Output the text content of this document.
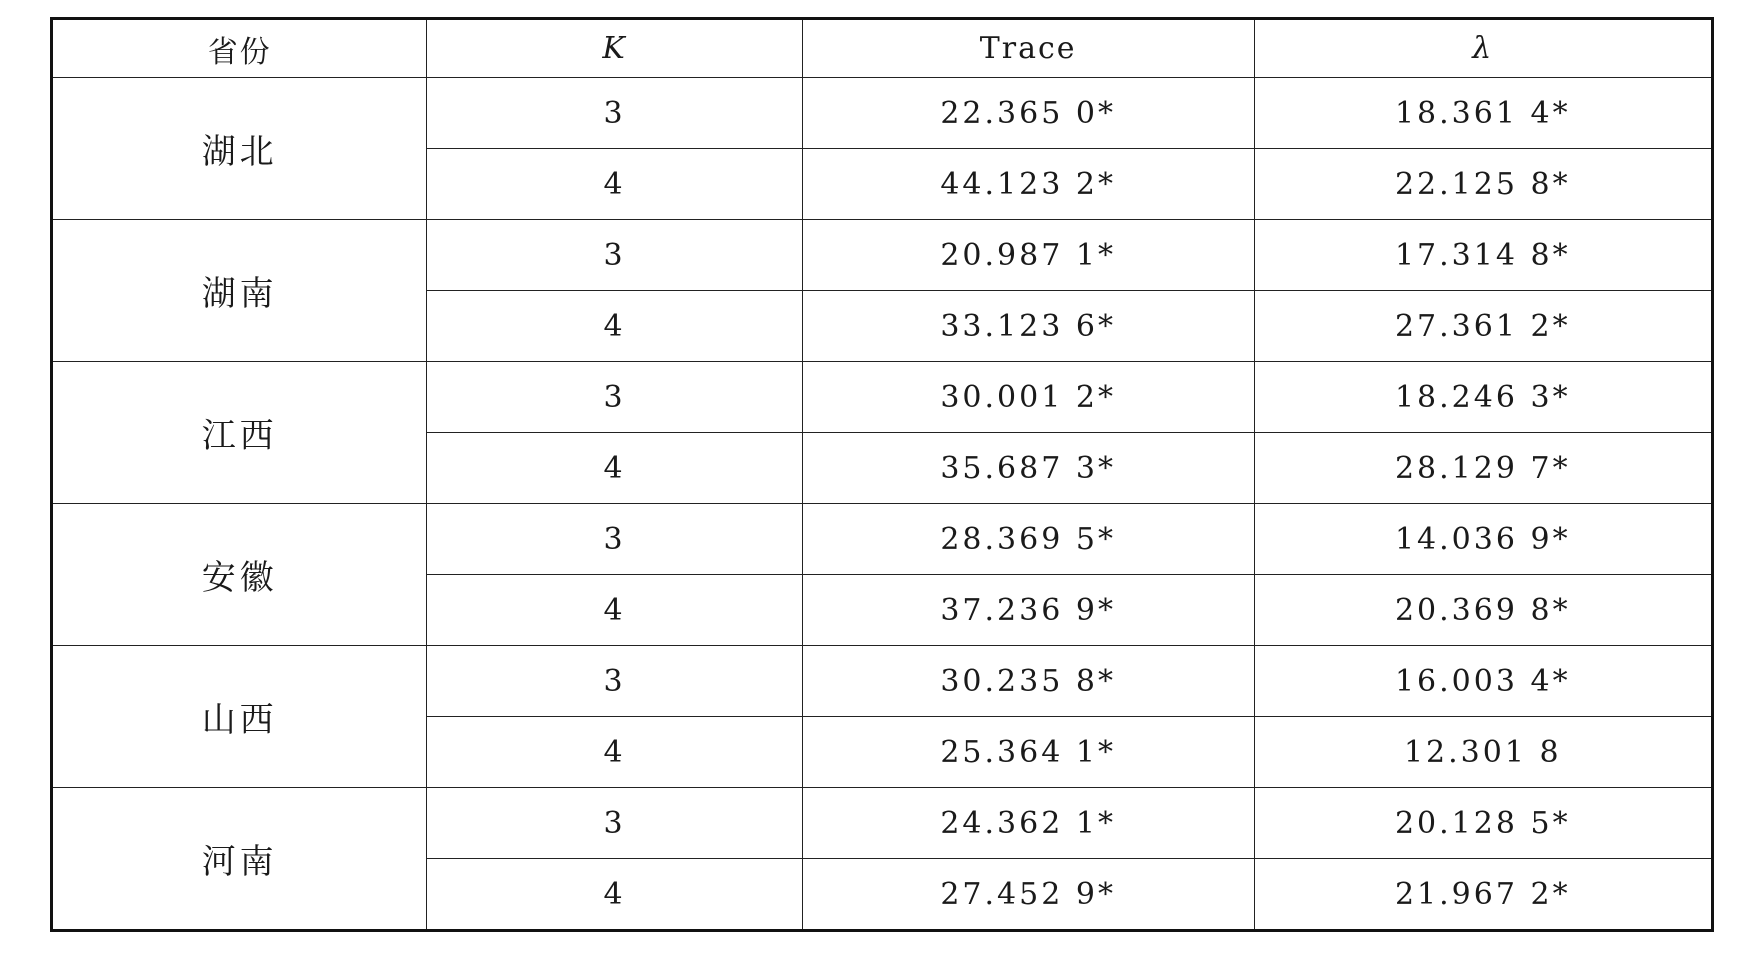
省份	K	Trace	λ
湖北	3	22.365 0*	18.361 4*
	4	44.123 2*	22.125 8*
湖南	3	20.987 1*	17.314 8*
	4	33.123 6*	27.361 2*
江西	3	30.001 2*	18.246 3*
	4	35.687 3*	28.129 7*
安徽	3	28.369 5*	14.036 9*
	4	37.236 9*	20.369 8*
山西	3	30.235 8*	16.003 4*
	4	25.364 1*	12.301 8
河南	3	24.362 1*	20.128 5*
	4	27.452 9*	21.967 2*
